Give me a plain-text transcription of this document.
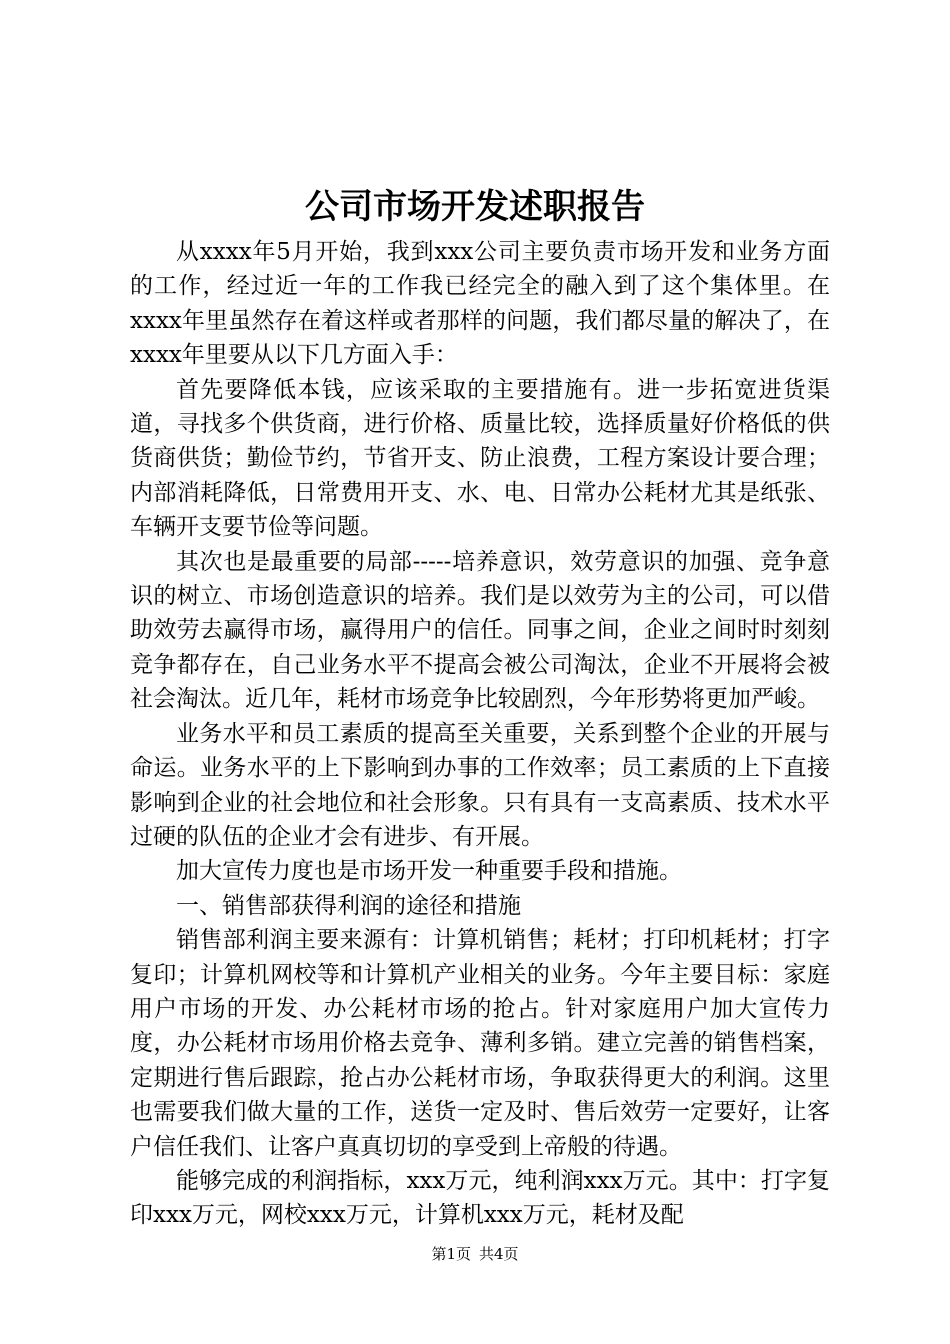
公司市场开发述职报告

从xxxx年5月开始，我到xxx公司主要负责市场开发和业务方面的工作，经过近一年的工作我已经完全的融入到了这个集体里。在xxxx年里虽然存在着这样或者那样的问题，我们都尽量的解决了，在xxxx年里要从以下几方面入手：

首先要降低本钱，应该采取的主要措施有。进一步拓宽进货渠道，寻找多个供货商，进行价格、质量比较，选择质量好价格低的供货商供货；勤俭节约，节省开支、防止浪费，工程方案设计要合理；内部消耗降低，日常费用开支、水、电、日常办公耗材尤其是纸张、车辆开支要节俭等问题。

其次也是最重要的局部-----培养意识，效劳意识的加强、竞争意识的树立、市场创造意识的培养。我们是以效劳为主的公司，可以借助效劳去赢得市场，赢得用户的信任。同事之间，企业之间时时刻刻竞争都存在，自己业务水平不提高会被公司淘汰，企业不开展将会被社会淘汰。近几年，耗材市场竞争比较剧烈，今年形势将更加严峻。

业务水平和员工素质的提高至关重要，关系到整个企业的开展与命运。业务水平的上下影响到办事的工作效率；员工素质的上下直接影响到企业的社会地位和社会形象。只有具有一支高素质、技术水平过硬的队伍的企业才会有进步、有开展。

加大宣传力度也是市场开发一种重要手段和措施。

一、销售部获得利润的途径和措施

销售部利润主要来源有：计算机销售；耗材；打印机耗材；打字复印；计算机网校等和计算机产业相关的业务。今年主要目标：家庭用户市场的开发、办公耗材市场的抢占。针对家庭用户加大宣传力度，办公耗材市场用价格去竞争、薄利多销。建立完善的销售档案，定期进行售后跟踪，抢占办公耗材市场，争取获得更大的利润。这里也需要我们做大量的工作，送货一定及时、售后效劳一定要好，让客户信任我们、让客户真真切切的享受到上帝般的待遇。

能够完成的利润指标，xxx万元，纯利润xxx万元。其中：打字复印xxx万元，网校xxx万元，计算机xxx万元，耗材及配

第1页 共4页
